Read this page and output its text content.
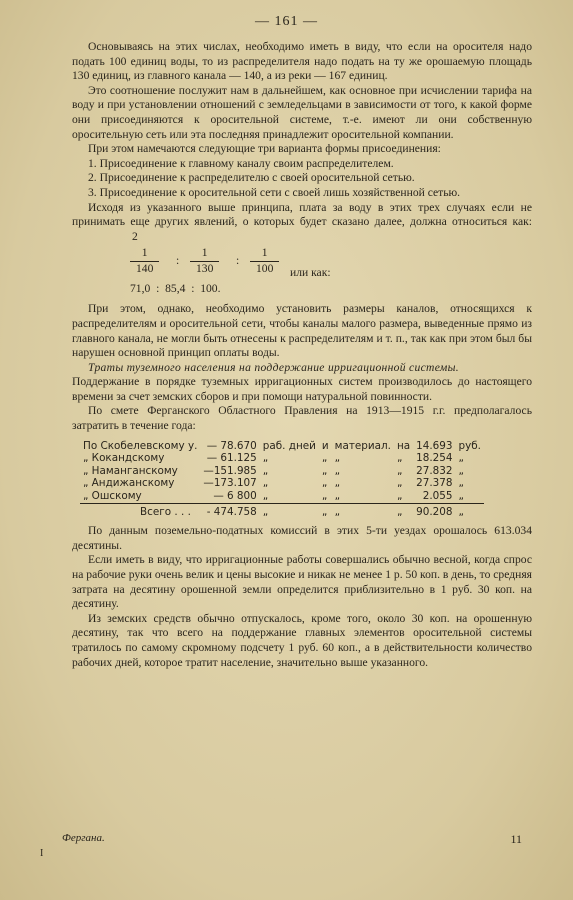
— 161 —

Основываясь на этих числах, необходимо иметь в виду, что если на оросителя надо подать 100 единиц воды, то из распределителя надо подать на ту же орошаемую площадь 130 единиц, из главного канала — 140, а из реки — 167 единиц.

Это соотношение послужит нам в дальнейшем, как основное при исчислении тарифа на воду и при установлении отношений с земледельцами в зависимости от того, к какой форме они присоединяются к оросительной системе, т.-е. имеют ли они собственную оросительную сеть или эта последняя принадлежит оросительной компании.

При этом намечаются следующие три варианта формы присоединения:

1. Присоединение к главному каналу своим распределителем.

2. Присоединение к распределителю с своей оросительной сетью.

3. Присоединение к оросительной сети с своей лишь хозяйственной сетью.

Исходя из указанного выше принципа, плата за воду в этих трех случаях если не принимать еще других явлений, о которых будет сказано далее, должна относиться как: 2

$\frac{1}{140}$ : $\frac{1}{130}$ : $\frac{1}{100}$ или как:
71,0  :  85,4  :  100.

При этом, однако, необходимо установить размеры каналов, относящихся к распределителям и оросительной сети, чтобы каналы малого размера, выведенные прямо из главного канала, не могли быть отнесены к распределителям и т. п., так как при этом был бы нарушен основной принцип оплаты воды.

Траты туземного населения на поддержание ирригационной системы.

Поддержание в порядке туземных ирригационных систем производилось до настоящего времени за счет земских сборов и при помощи натуральной повинности.

По смете Ферганского Областного Правления на 1913—1915 г.г. предполагалось затратить в течение года:

По Скобелевскому у.	— 78.670	раб. дней	и	материал.	на	14.693	руб.
„ Кокандскому	— 61.125	„	„	„	„	18.254	„
„ Наманганскому	—151.985	„	„	„	„	27.832	„
„ Андижанскому	—173.107	„	„	„	„	27.378	„
„ Ошскому	— 6 800	„	„	„	„	2.055	„

Всего . . .	- 474.758	„	„	„	„	90.208	„

По данным поземельно-податных комиссий в этих 5-ти уездах орошалось 613.034 десятины.

Если иметь в виду, что ирригационные работы совершались обычно весной, когда спрос на рабочие руки очень велик и цены высокие и никак не менее 1 р. 50 коп. в день, то средняя затрата на десятину орошенной земли определится приблизительно в 1 руб. 30 коп. на десятину.

Из земских средств обычно отпускалось, кроме того, около 30 коп. на орошенную десятину, так что всего на поддержание главных элементов оросительной системы тратилось по самому скромному подсчету 1 руб. 60 коп., а в действительности количество рабочих дней, которое тратит население, значительно выше указанного.

Фергана.	11
І
